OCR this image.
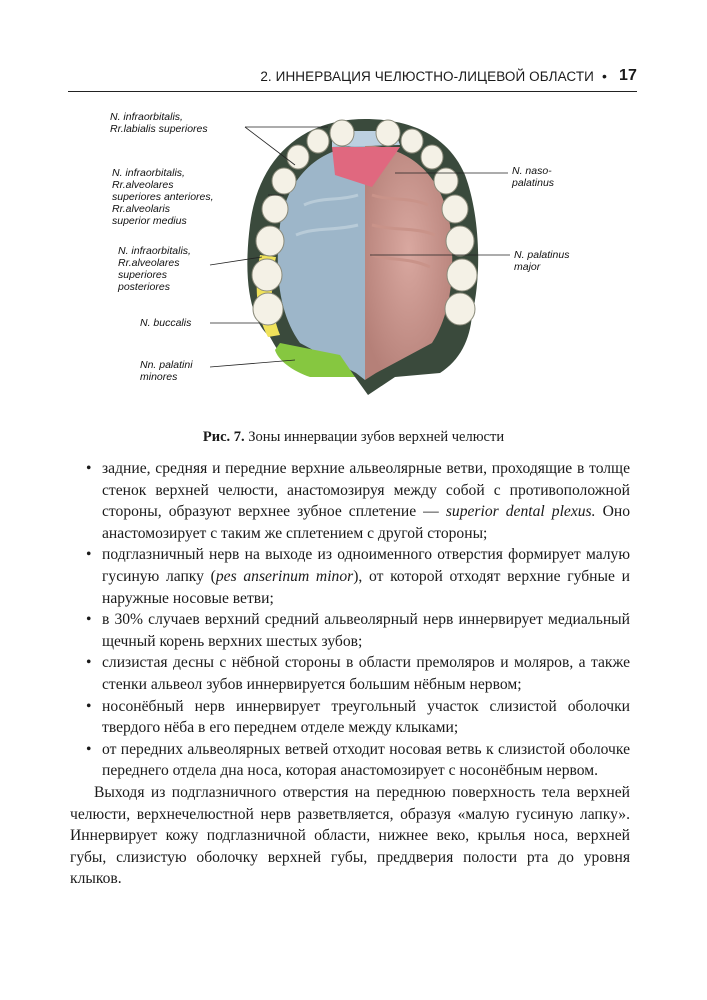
2. ИННЕРВАЦИЯ ЧЕЛЮСТНО-ЛИЦЕВОЙ ОБЛАСТИ • 17
N. infraorbitalis,
Rr.labialis superiores
N. infraorbitalis,
Rr.alveolares
superiores anteriores,
Rr.alveolaris
superior medius
N. infraorbitalis,
Rr.alveolares
superiores
posteriores
N. buccalis
Nn. palatini
minores
N. naso-
palatinus
N. palatinus
major
Рис. 7. Зоны иннервации зубов верхней челюсти
• задние, средняя и передние верхние альвеолярные ветви, проходящие в толще стенок верхней челюсти, анастомозируя между собой с противоположной стороны, образуют верхнее зубное сплетение — superior dental plexus. Оно анастомозирует с таким же сплетением с другой стороны;
• подглазничный нерв на выходе из одноименного отверстия формирует малую гусиную лапку (pes anserinum minor), от которой отходят верхние губные и наружные носовые ветви;
• в 30% случаев верхний средний альвеолярный нерв иннервирует медиальный щечный корень верхних шестых зубов;
• слизистая десны с нёбной стороны в области премоляров и моляров, а также стенки альвеол зубов иннервируется большим нёбным нервом;
• носонёбный нерв иннервирует треугольный участок слизистой оболочки твердого нёба в его переднем отделе между клыками;
• от передних альвеолярных ветвей отходит носовая ветвь к слизистой оболочке переднего отдела дна носа, которая анастомозирует с носонёбным нервом.
Выходя из подглазничного отверстия на переднюю поверхность тела верхней челюсти, верхнечелюстной нерв разветвляется, образуя «малую гусиную лапку». Иннервирует кожу подглазничной области, нижнее веко, крылья носа, верхней губы, слизистую оболочку верхней губы, преддверия полости рта до уровня клыков.
